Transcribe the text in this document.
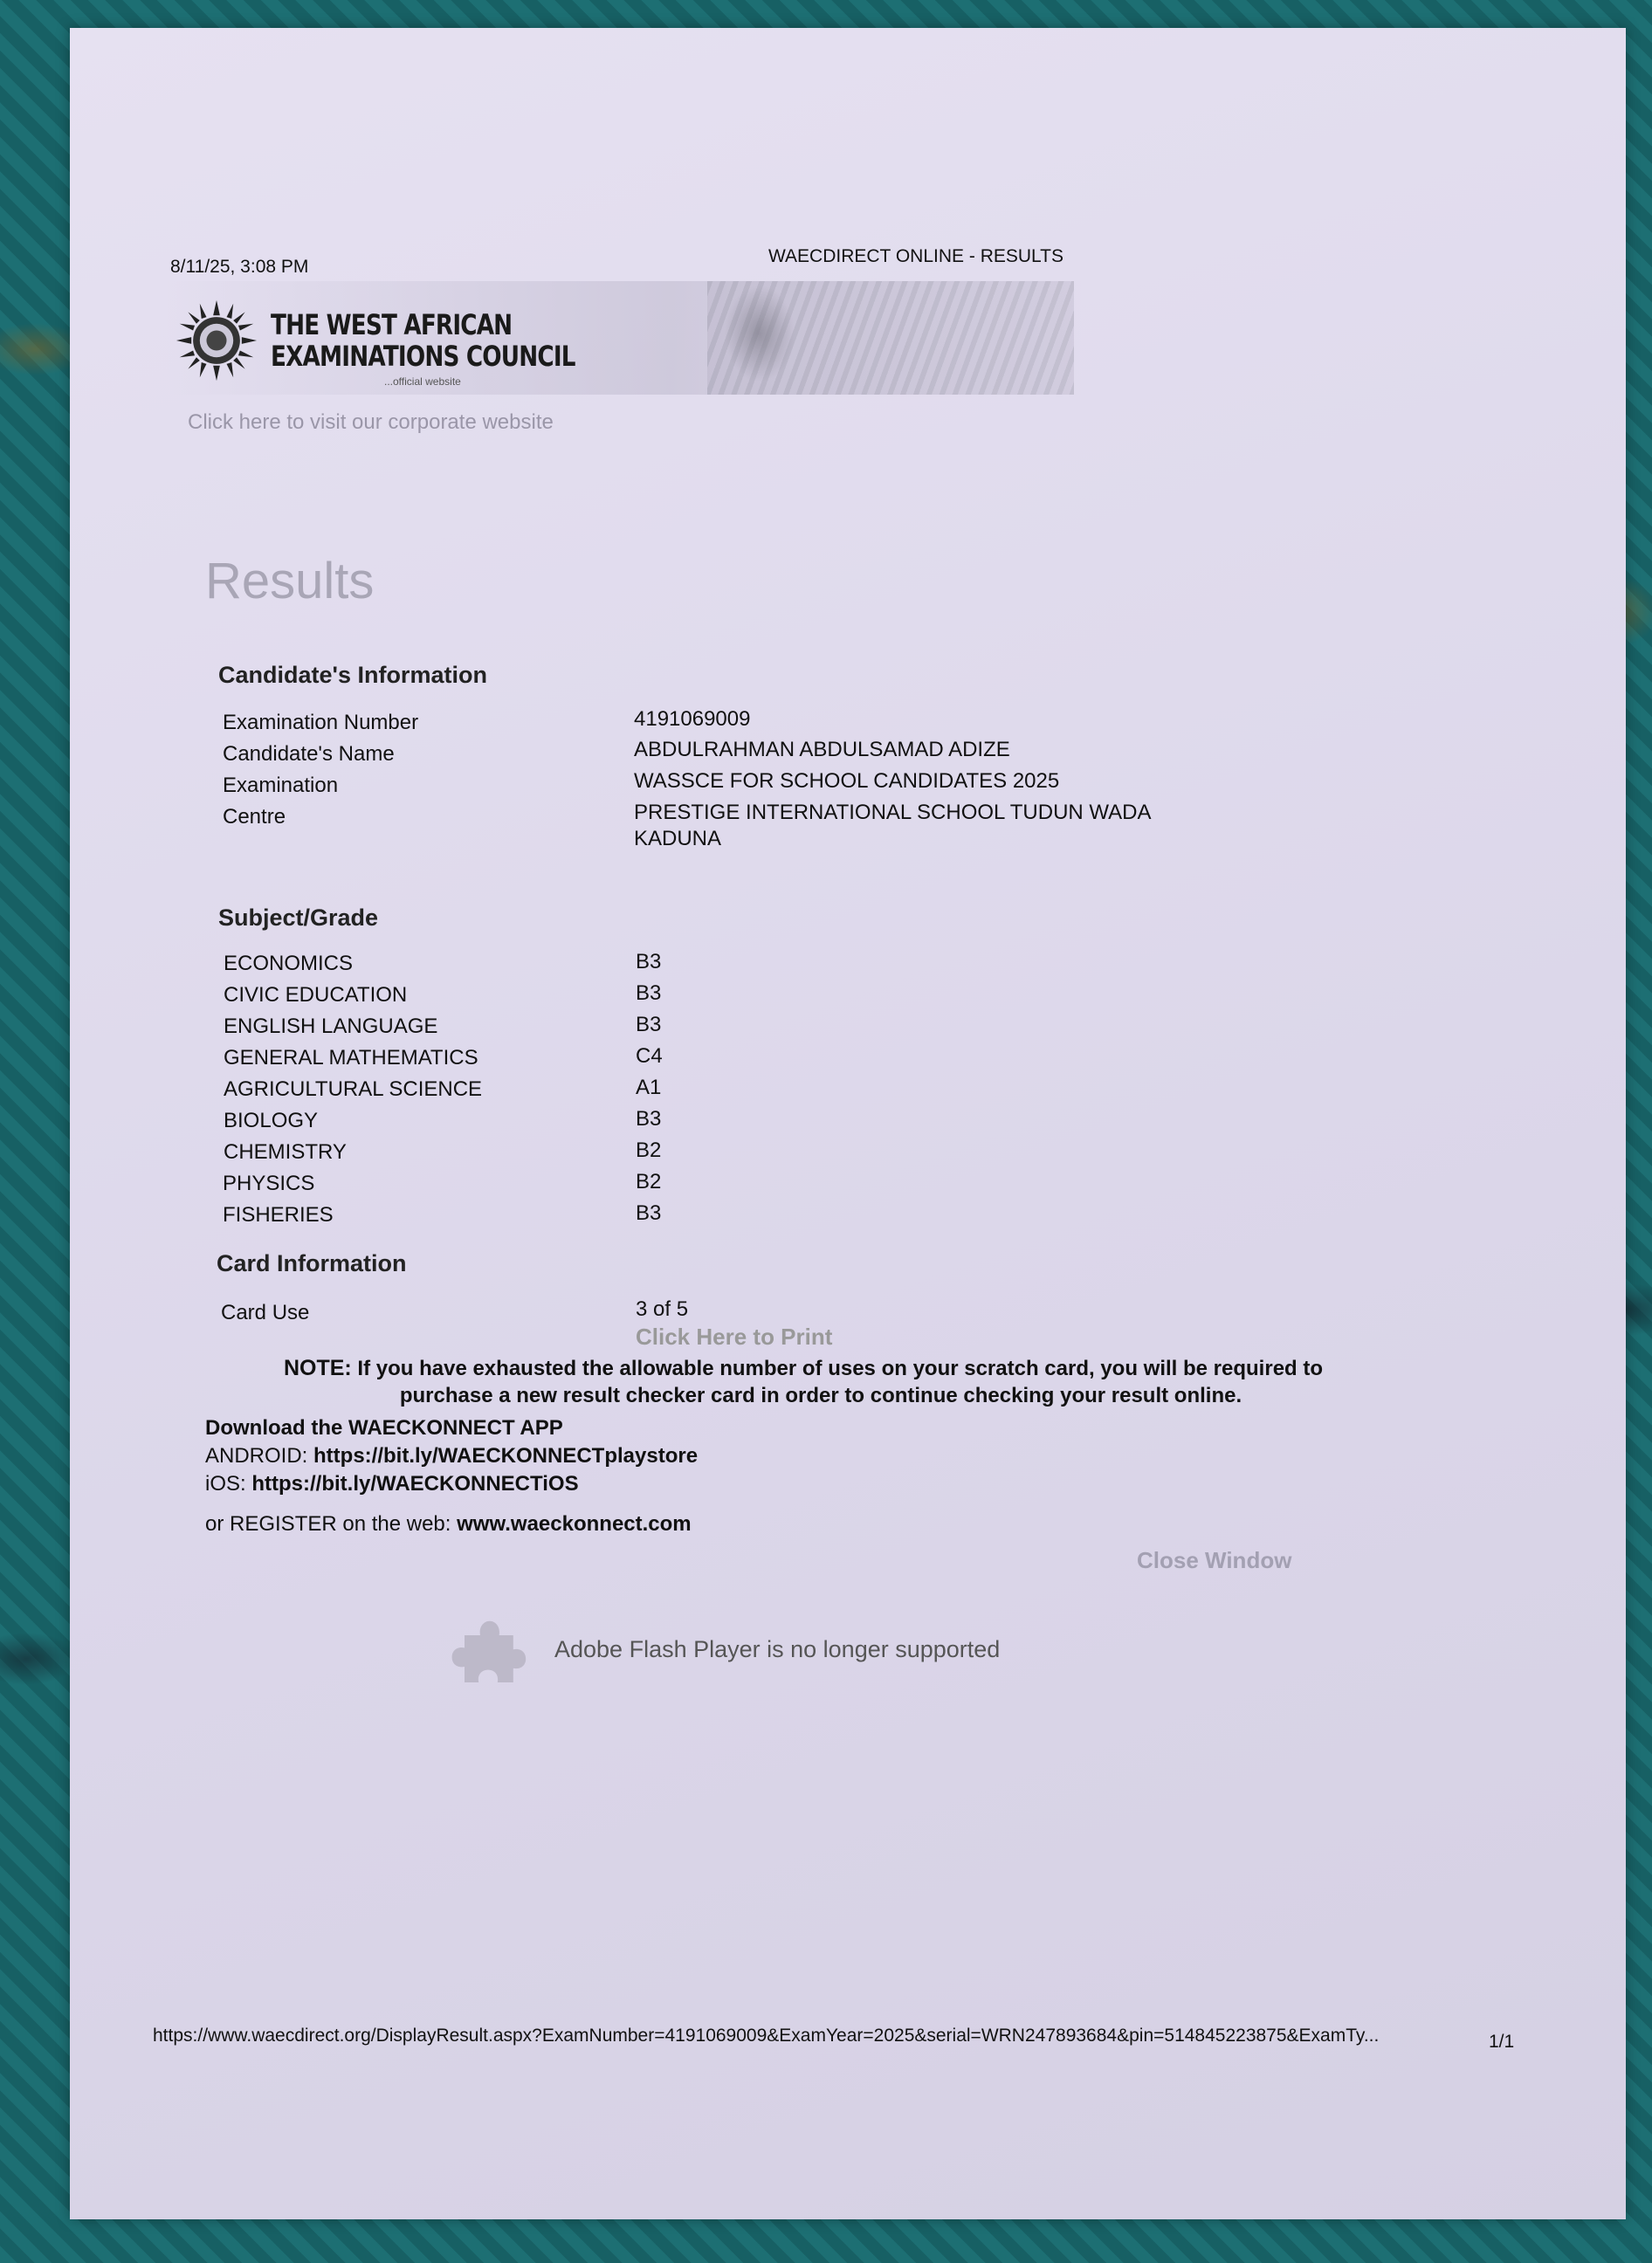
8/11/25, 3:08 PM
WAECDIRECT ONLINE - RESULTS
THE WEST AFRICAN
EXAMINATIONS COUNCIL
...official website
Click here to visit our corporate website
Results
Candidate's Information
Examination Number	4191069009
Candidate's Name	ABDULRAHMAN ABDULSAMAD ADIZE
Examination	WASSCE FOR SCHOOL CANDIDATES 2025
Centre	PRESTIGE INTERNATIONAL SCHOOL TUDUN WADA
KADUNA
Subject/Grade
ECONOMICS	B3
CIVIC EDUCATION	B3
ENGLISH LANGUAGE	B3
GENERAL MATHEMATICS	C4
AGRICULTURAL SCIENCE	A1
BIOLOGY	B3
CHEMISTRY	B2
PHYSICS	B2
FISHERIES	B3
Card Information
Card Use	3 of 5
Click Here to Print
NOTE: If you have exhausted the allowable number of uses on your scratch card, you will be required to
purchase a new result checker card in order to continue checking your result online.
Download the WAECKONNECT APP
ANDROID: https://bit.ly/WAECKONNECTplaystore
iOS: https://bit.ly/WAECKONNECTiOS
or REGISTER on the web: www.waeckonnect.com
Close Window
Adobe Flash Player is no longer supported
https://www.waecdirect.org/DisplayResult.aspx?ExamNumber=4191069009&ExamYear=2025&serial=WRN247893684&pin=514845223875&ExamTy...	1/1
